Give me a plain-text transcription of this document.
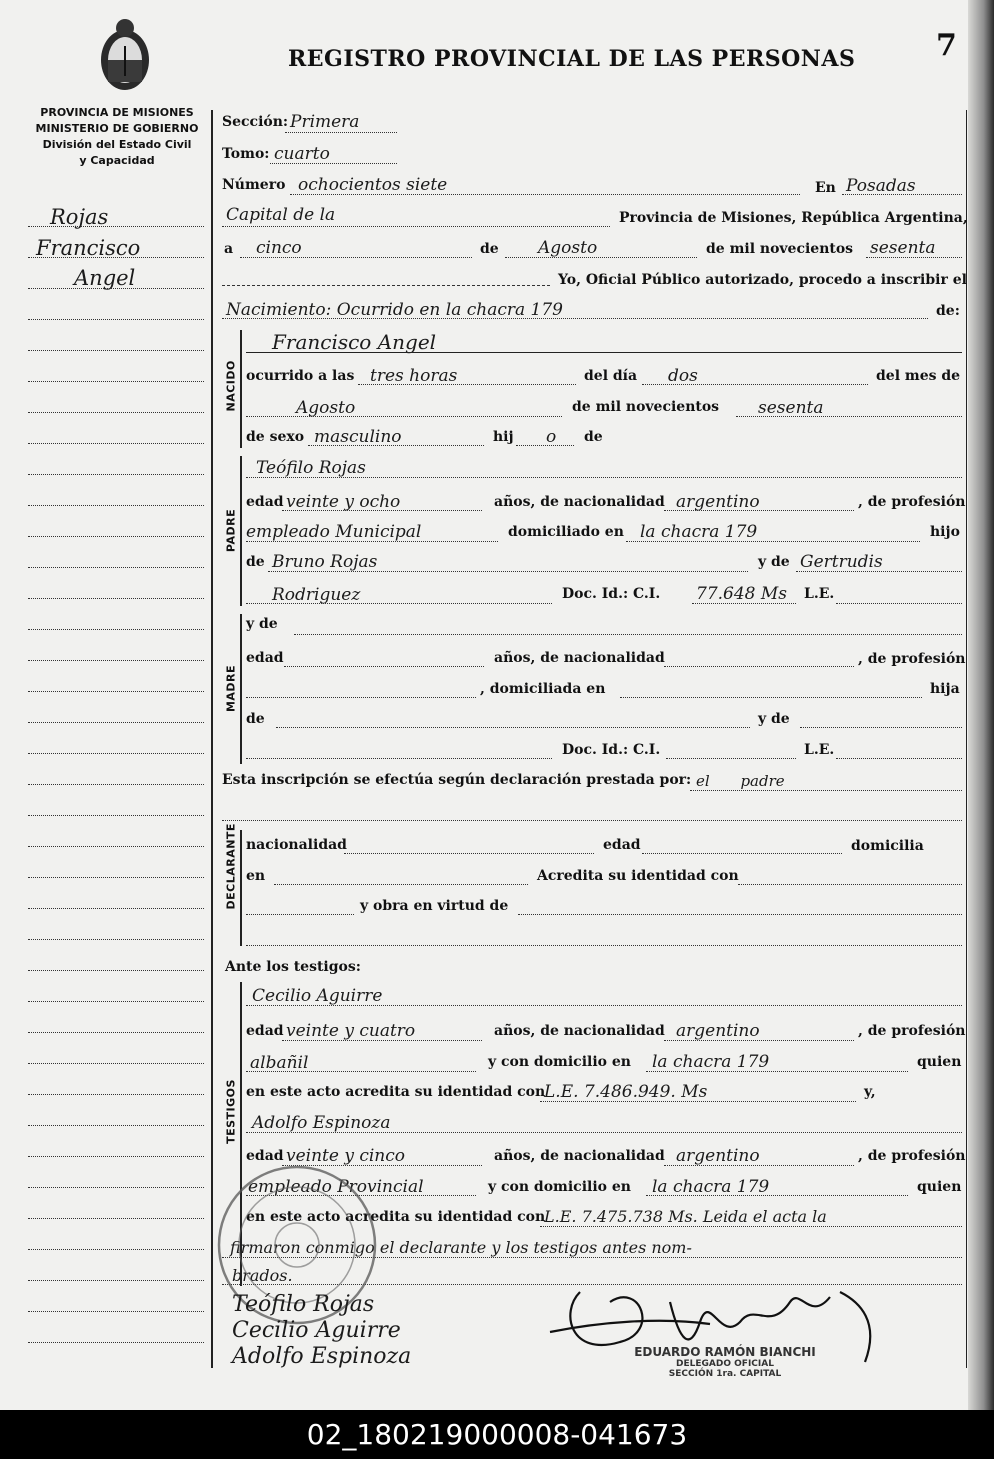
PROVINCIA DE MISIONES
MINISTERIO DE GOBIERNO
División del Estado Civil
y Capacidad
REGISTRO PROVINCIAL DE LAS PERSONAS	7
Rojas
Francisco
Angel
Sección: Primera
Tomo: cuarto
Número ochocientos siete	En Posadas
Capital de la	Provincia de Misiones, República Argentina,
a cinco	de Agosto	de mil novecientos sesenta
Yo, Oficial Público autorizado, procedo a inscribir el
Nacimiento: Ocurrido en la chacra 179	de:
NACIDO
Francisco Angel
ocurrido a las tres horas	del día dos	del mes de
Agosto	de mil novecientos sesenta
de sexo masculino	hij o de
PADRE
Teófilo Rojas
edad veinte y ocho	años, de nacionalidad argentino	, de profesión
empleado Municipal	domiciliado en la chacra 179	hijo
de Bruno Rojas	y de Gertrudis
Rodriguez	Doc. Id.: C.I. 77.648 Ms L.E.
MADRE
y de
edad	años, de nacionalidad	, de profesión
, domiciliada en	hija
de	y de
Doc. Id.: C.I.	L.E.
Esta inscripción se efectúa según declaración prestada por: el padre
DECLARANTE nacionalidad	edad	domicilia
en	Acredita su identidad con
y obra en virtud de
Ante los testigos:
TESTIGOS
Cecilio Aguirre
edad veinte y cuatro	años, de nacionalidad argentino	, de profesión
albañil	y con domicilio en la chacra 179	quien
en este acto acredita su identidad con
L.E. 7.486.949. Ms	y,
Adolfo Espinoza
edad veinte y cinco	años, de nacionalidad argentino	, de profesión
empleado Provincial	y con domicilio en la chacra 179	quien
en este acto acredita su identidad con
L.E. 7.475.738 Ms. Leida el acta la
firmaron conmigo el declarante y los testigos antes nom-
brados.
Teófilo Rojas
Cecilio Aguirre
Adolfo Espinoza	EDUARDO RAMÓN BIANCHI
DELEGADO OFICIAL
SECCIÓN 1ra. CAPITAL
02_180219000008-041673
